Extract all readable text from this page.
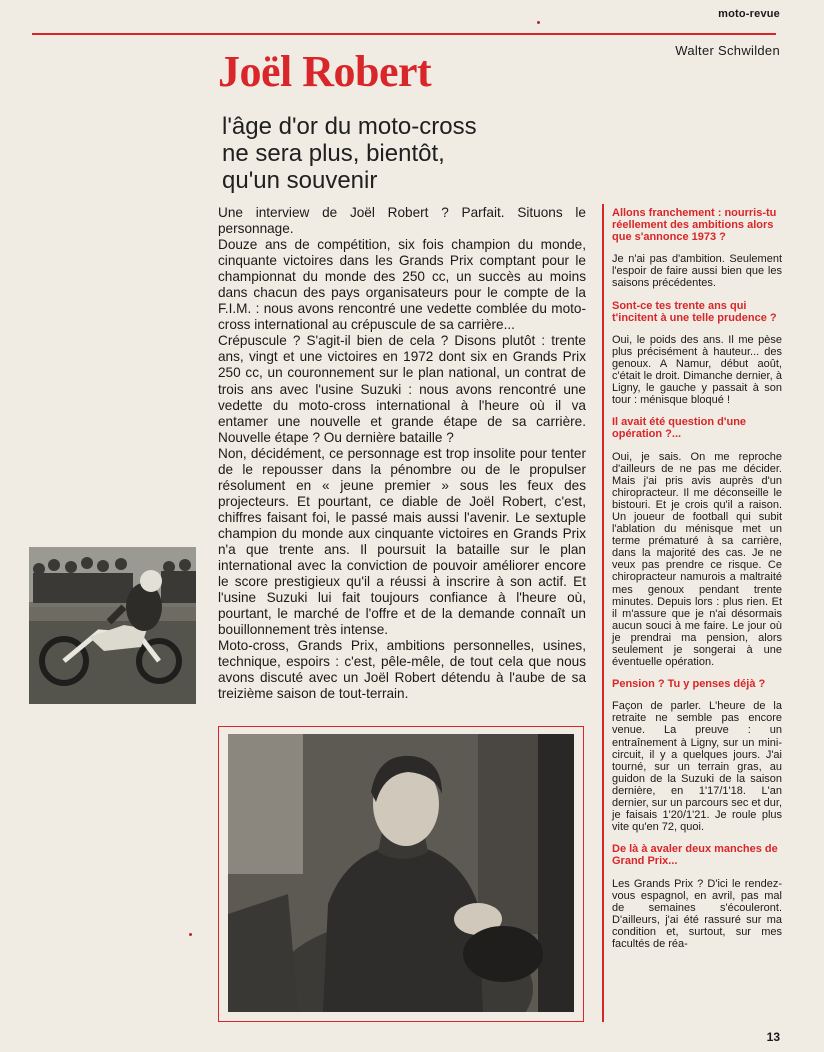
moto-revue
Walter Schwilden
Joël Robert
l'âge d'or du moto-cross
ne sera plus, bientôt,
qu'un souvenir

Une interview de Joël Robert ? Parfait. Situons le personnage.

Douze ans de compétition, six fois champion du monde, cinquante victoires dans les Grands Prix comptant pour le championnat du monde des 250 cc, un succès au moins dans chacun des pays organisateurs pour le compte de la F.I.M. : nous avons rencontré une vedette comblée du moto-cross international au crépuscule de sa carrière...

Crépuscule ? S'agit-il bien de cela ? Disons plutôt : trente ans, vingt et une victoires en 1972 dont six en Grands Prix 250 cc, un couronnement sur le plan national, un contrat de trois ans avec l'usine Suzuki : nous avons rencontré une vedette du moto-cross international à l'heure où il va entamer une nouvelle et grande étape de sa carrière. Nouvelle étape ? Ou dernière bataille ?

Non, décidément, ce personnage est trop insolite pour tenter de le repousser dans la pénombre ou de le propulser résolument en « jeune premier » sous les feux des projecteurs. Et pourtant, ce diable de Joël Robert, c'est, chiffres faisant foi, le passé mais aussi l'avenir. Le sextuple champion du monde aux cinquante victoires en Grands Prix n'a que trente ans. Il poursuit la bataille sur le plan international avec la conviction de pouvoir améliorer encore le score prestigieux qu'il a réussi à inscrire à son actif. Et l'usine Suzuki lui fait toujours confiance à l'heure où, pourtant, le marché de l'offre et de la demande connaît un bouillonnement très intense.

Moto-cross, Grands Prix, ambitions personnelles, usines, technique, espoirs : c'est, pêle-mêle, de tout cela que nous avons discuté avec un Joël Robert détendu à l'aube de sa treizième saison de tout-terrain.

Allons franchement : nourris-tu réellement des ambitions alors que s'annonce 1973 ?

Je n'ai pas d'ambition. Seulement l'espoir de faire aussi bien que les saisons précédentes.

Sont-ce tes trente ans qui t'incitent à une telle prudence ?

Oui, le poids des ans. Il me pèse plus précisément à hauteur... des genoux. A Namur, début août, c'était le droit. Dimanche dernier, à Ligny, le gauche y passait à son tour : ménisque bloqué !

Il avait été question d'une opération ?...

Oui, je sais. On me reproche d'ailleurs de ne pas me décider. Mais j'ai pris avis auprès d'un chiropracteur. Il me déconseille le bistouri. Et je crois qu'il a raison. Un joueur de football qui subit l'ablation du ménisque met un terme prématuré à sa carrière, dans la majorité des cas. Je ne veux pas prendre ce risque. Ce chiropracteur namurois a maltraité mes genoux pendant trente minutes. Depuis lors : plus rien. Et il m'assure que je n'ai désormais aucun souci à me faire. Le jour où je prendrai ma pension, alors seulement je songerai à une éventuelle opération.

Pension ? Tu y penses déjà ?

Façon de parler. L'heure de la retraite ne semble pas encore venue. La preuve : un entraînement à Ligny, sur un mini-circuit, il y a quelques jours. J'ai tourné, sur un terrain gras, au guidon de la Suzuki de la saison dernière, en 1'17/1'18. L'an dernier, sur un parcours sec et dur, je faisais 1'20/1'21. Je roule plus vite qu'en 72, quoi.

De là à avaler deux manches de Grand Prix...

Les Grands Prix ? D'ici le rendez-vous espagnol, en avril, pas mal de semaines s'écouleront. D'ailleurs, j'ai été rassuré sur ma condition et, surtout, sur mes facultés de réa-

13
